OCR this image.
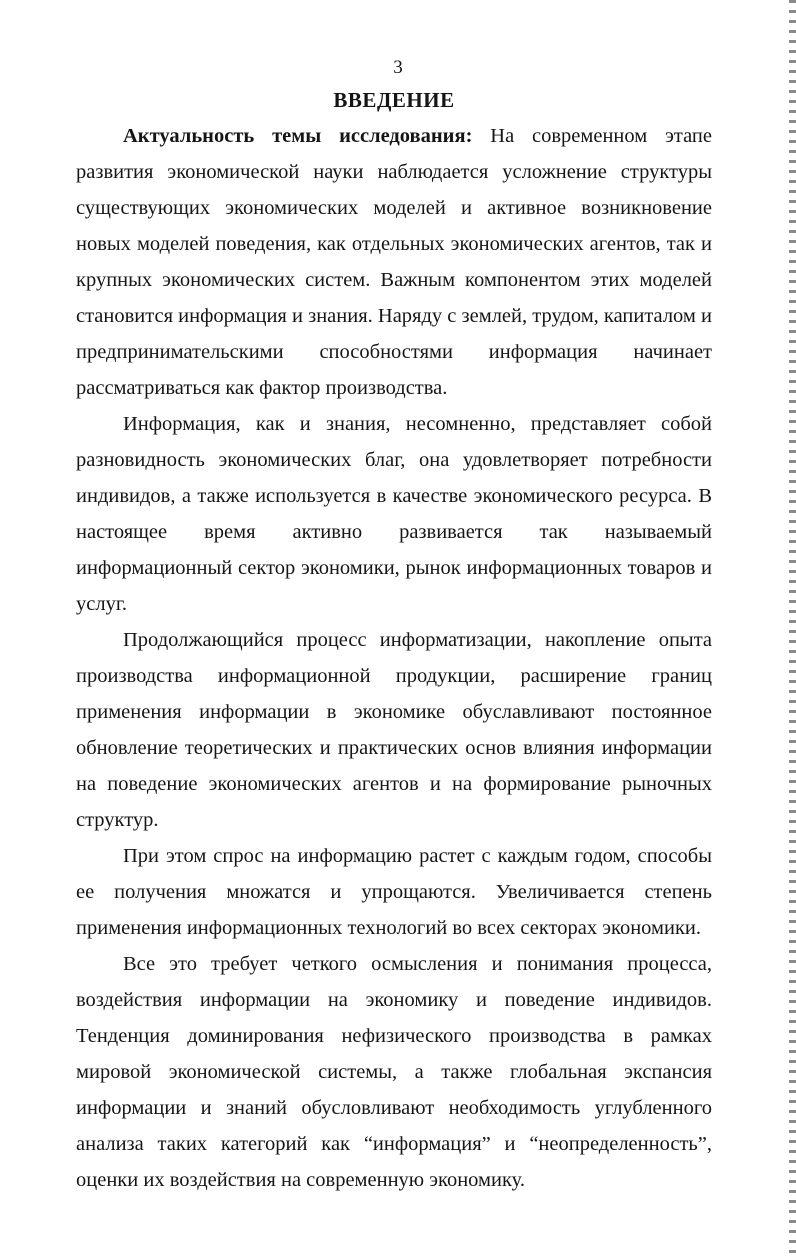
3
ВВЕДЕНИЕ

Актуальность темы исследования: На современном этапе развития экономической науки наблюдается усложнение структуры существующих экономических моделей и активное возникновение новых моделей поведения, как отдельных экономических агентов, так и крупных экономических систем. Важным компонентом этих моделей становится информация и знания. Наряду с землей, трудом, капиталом и предпринимательскими способностями информация начинает рассматриваться как фактор производства.

Информация, как и знания, несомненно, представляет собой разновидность экономических благ, она удовлетворяет потребности индивидов, а также используется в качестве экономического ресурса. В настоящее время активно развивается так называемый информационный сектор экономики, рынок информационных товаров и услуг.

Продолжающийся процесс информатизации, накопление опыта производства информационной продукции, расширение границ применения информации в экономике обуславливают постоянное обновление теоретических и практических основ влияния информации на поведение экономических агентов и на формирование рыночных структур.

При этом спрос на информацию растет с каждым годом, способы ее получения множатся и упрощаются. Увеличивается степень применения информационных технологий во всех секторах экономики.

Все это требует четкого осмысления и понимания процесса, воздействия информации на экономику и поведение индивидов. Тенденция доминирования нефизического производства в рамках мировой экономической системы, а также глобальная экспансия информации и знаний обусловливают необходимость углубленного анализа таких категорий как “информация” и “неопределенность”, оценки их воздействия на современную экономику.
